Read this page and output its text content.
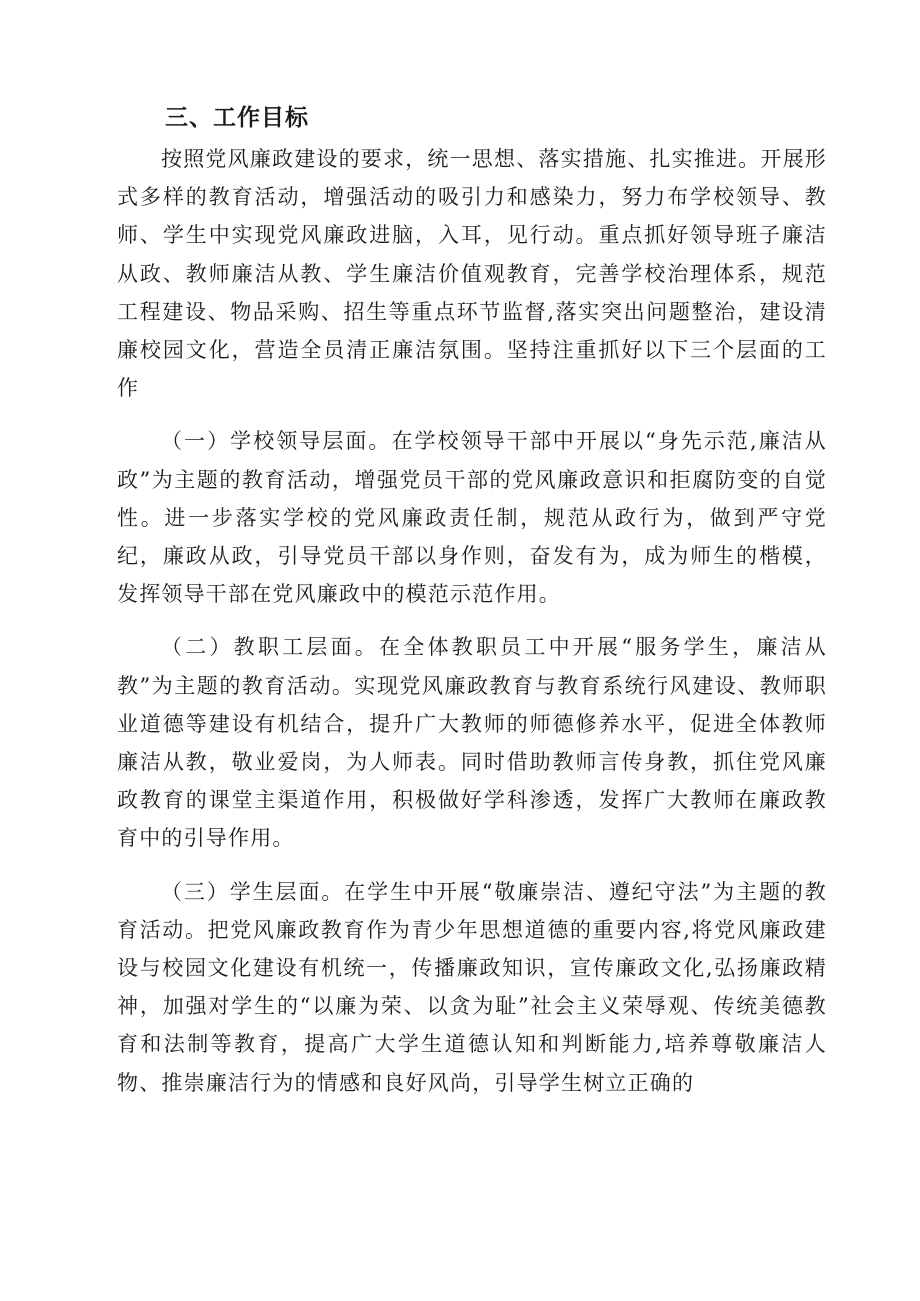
三、工作目标

按照党风廉政建设的要求，统一思想、落实措施、扎实推进。开展形式多样的教育活动，增强活动的吸引力和感染力，努力布学校领导、教师、学生中实现党风廉政进脑，入耳，见行动。重点抓好领导班子廉洁从政、教师廉洁从教、学生廉洁价值观教育，完善学校治理体系，规范工程建设、物品采购、招生等重点环节监督,落实突出问题整治，建设清廉校园文化，营造全员清正廉洁氛围。坚持注重抓好以下三个层面的工作

（一）学校领导层面。在学校领导干部中开展以“身先示范,廉洁从政”为主题的教育活动，增强党员干部的党风廉政意识和拒腐防变的自觉性。进一步落实学校的党风廉政责任制，规范从政行为，做到严守党纪，廉政从政，引导党员干部以身作则，奋发有为，成为师生的楷模，发挥领导干部在党风廉政中的模范示范作用。

（二）教职工层面。在全体教职员工中开展“服务学生，廉洁从教”为主题的教育活动。实现党风廉政教育与教育系统行风建设、教师职业道德等建设有机结合，提升广大教师的师德修养水平，促进全体教师廉洁从教，敬业爱岗，为人师表。同时借助教师言传身教，抓住党风廉政教育的课堂主渠道作用，积极做好学科渗透，发挥广大教师在廉政教育中的引导作用。

（三）学生层面。在学生中开展“敬廉崇洁、遵纪守法”为主题的教育活动。把党风廉政教育作为青少年思想道德的重要内容,将党风廉政建设与校园文化建设有机统一，传播廉政知识，宣传廉政文化,弘扬廉政精神，加强对学生的“以廉为荣、以贪为耻”社会主义荣辱观、传统美德教育和法制等教育，提高广大学生道德认知和判断能力,培养尊敬廉洁人物、推崇廉洁行为的情感和良好风尚，引导学生树立正确的
